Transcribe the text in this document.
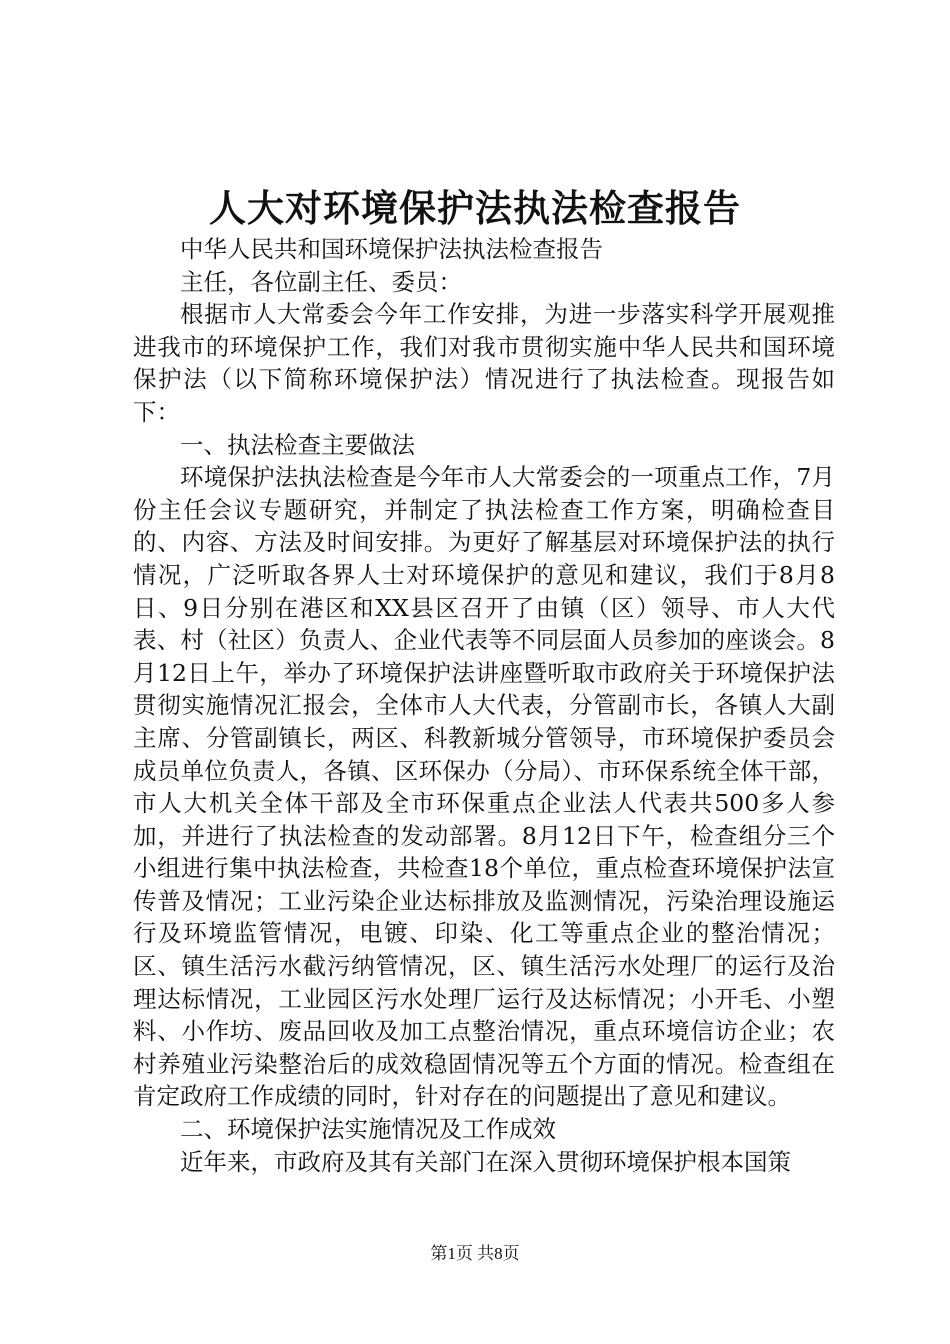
人大对环境保护法执法检查报告

中华人民共和国环境保护法执法检查报告

主任，各位副主任、委员：

根据市人大常委会今年工作安排，为进一步落实科学开展观推进我市的环境保护工作，我们对我市贯彻实施中华人民共和国环境保护法（以下简称环境保护法）情况进行了执法检查。现报告如下：

一、执法检查主要做法

环境保护法执法检查是今年市人大常委会的一项重点工作，7月份主任会议专题研究，并制定了执法检查工作方案，明确检查目的、内容、方法及时间安排。为更好了解基层对环境保护法的执行情况，广泛听取各界人士对环境保护的意见和建议，我们于8月8日、9日分别在港区和XX县区召开了由镇（区）领导、市人大代表、村（社区）负责人、企业代表等不同层面人员参加的座谈会。8月12日上午，举办了环境保护法讲座暨听取市政府关于环境保护法贯彻实施情况汇报会，全体市人大代表，分管副市长，各镇人大副主席、分管副镇长，两区、科教新城分管领导，市环境保护委员会成员单位负责人，各镇、区环保办（分局）、市环保系统全体干部，市人大机关全体干部及全市环保重点企业法人代表共500多人参加，并进行了执法检查的发动部署。8月12日下午，检查组分三个小组进行集中执法检查，共检查18个单位，重点检查环境保护法宣传普及情况；工业污染企业达标排放及监测情况，污染治理设施运行及环境监管情况，电镀、印染、化工等重点企业的整治情况；区、镇生活污水截污纳管情况，区、镇生活污水处理厂的运行及治理达标情况，工业园区污水处理厂运行及达标情况；小开毛、小塑料、小作坊、废品回收及加工点整治情况，重点环境信访企业；农村养殖业污染整治后的成效稳固情况等五个方面的情况。检查组在肯定政府工作成绩的同时，针对存在的问题提出了意见和建议。

二、环境保护法实施情况及工作成效

近年来，市政府及其有关部门在深入贯彻环境保护根本国策

第1页 共8页
